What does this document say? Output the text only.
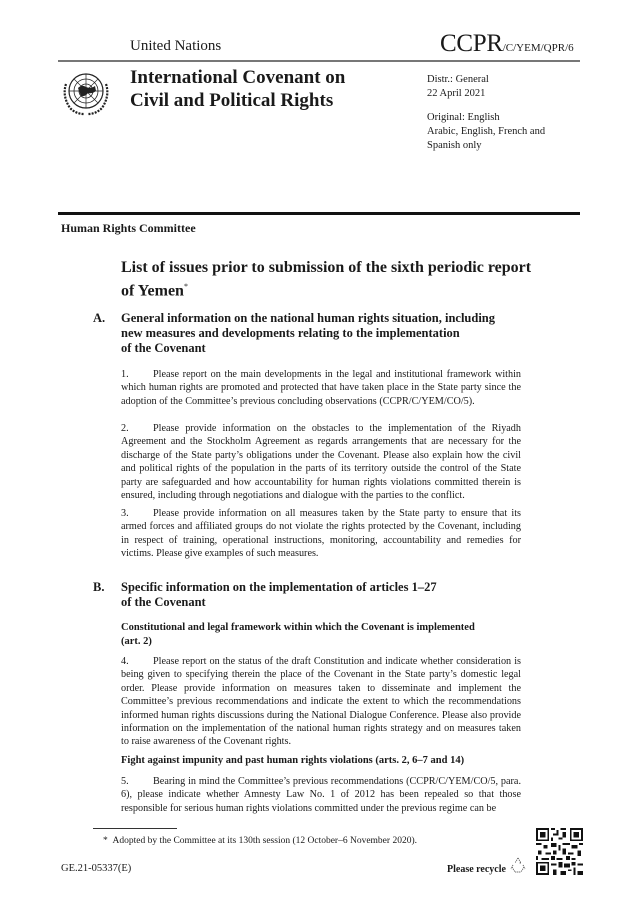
United Nations	CCPR/C/YEM/QPR/6
International Covenant on
Civil and Political Rights

Distr.: General

22 April 2021

Original: English

Arabic, English, French and

Spanish only

Human Rights Committee
List of issues prior to submission of the sixth periodic report
of Yemen*
A. General information on the national human rights situation, including
new measures and developments relating to the implementation
of the Covenant
1. Please report on the main developments in the legal and institutional framework within which human rights are promoted and protected that have taken place in the State party since the adoption of the Committee’s previous concluding observations (CCPR/C/YEM/CO/5).
2. Please provide information on the obstacles to the implementation of the Riyadh Agreement and the Stockholm Agreement as regards arrangements that are necessary for the discharge of the State party’s obligations under the Covenant. Please also explain how the civil and political rights of the population in the parts of its territory outside the control of the State party are safeguarded and how accountability for human rights violations committed therein is ensured, including through negotiations and dialogue with the parties to the conflict.
3. Please provide information on all measures taken by the State party to ensure that its armed forces and affiliated groups do not violate the rights protected by the Covenant, including in respect of training, operational instructions, monitoring, accountability and remedies for victims. Please give examples of such measures.
B. Specific information on the implementation of articles 1–27
of the Covenant
Constitutional and legal framework within which the Covenant is implemented
(art. 2)
4. Please report on the status of the draft Constitution and indicate whether consideration is being given to specifying therein the place of the Covenant in the State party’s domestic legal order. Please provide information on measures taken to disseminate and implement the Committee’s previous recommendations and indicate the extent to which the recommendations informed human rights discussions during the National Dialogue Conference. Please also provide information on the implementation of the national human rights strategy and on measures taken to raise awareness of the Covenant rights.
Fight against impunity and past human rights violations (arts. 2, 6–7 and 14)
5. Bearing in mind the Committee’s previous recommendations (CCPR/C/YEM/CO/5, para. 6), please indicate whether Amnesty Law No. 1 of 2012 has been repealed so that those responsible for serious human rights violations committed under the previous regime can be
* Adopted by the Committee at its 130th session (12 October–6 November 2020).
GE.21-05337(E)	Please recycle
